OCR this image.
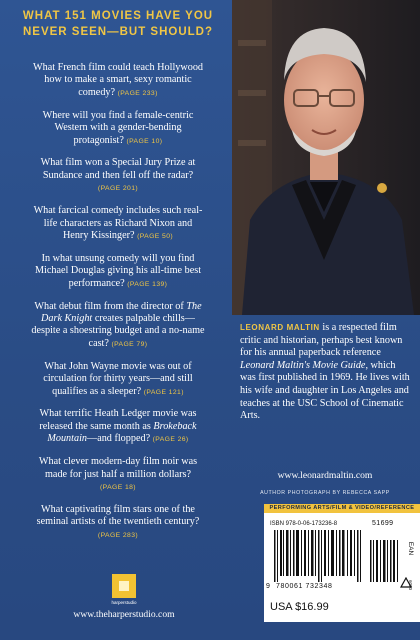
WHAT 151 MOVIES HAVE YOU
NEVER SEEN—BUT SHOULD?
What French film could teach Hollywood how to make a smart, sexy romantic comedy? (PAGE 233)
Where will you find a female-centric Western with a gender-bending protagonist? (PAGE 10)
What film won a Special Jury Prize at Sundance and then fell off the radar? (PAGE 201)
What farcical comedy includes such real-life characters as Richard Nixon and Henry Kissinger? (PAGE 50)
In what unsung comedy will you find Michael Douglas giving his all-time best performance? (PAGE 139)
What debut film from the director of The Dark Knight creates palpable chills—despite a shoestring budget and a no-name cast? (PAGE 79)
What John Wayne movie was out of circulation for thirty years—and still qualifies as a sleeper? (PAGE 121)
What terrific Heath Ledger movie was released the same month as Brokeback Mountain—and flopped? (PAGE 26)
What clever modern-day film noir was made for just half a million dollars? (PAGE 18)
What captivating film stars one of the seminal artists of the twentieth century? (PAGE 283)
harperstudio
www.theharperstudio.com
LEONARD MALTIN is a respected film critic and historian, perhaps best known for his annual paperback reference Leonard Maltin's Movie Guide, which was first published in 1969. He lives with his wife and daughter in Los Angeles and teaches at the USC School of Cinematic Arts.
www.leonardmaltin.com
AUTHOR PHOTOGRAPH BY REBECCA SAPP
PERFORMING ARTS/FILM & VIDEO/REFERENCE
ISBN 978-0-06-173236-8	51699
9 780061 732348
EAN
USA $16.99
0509
